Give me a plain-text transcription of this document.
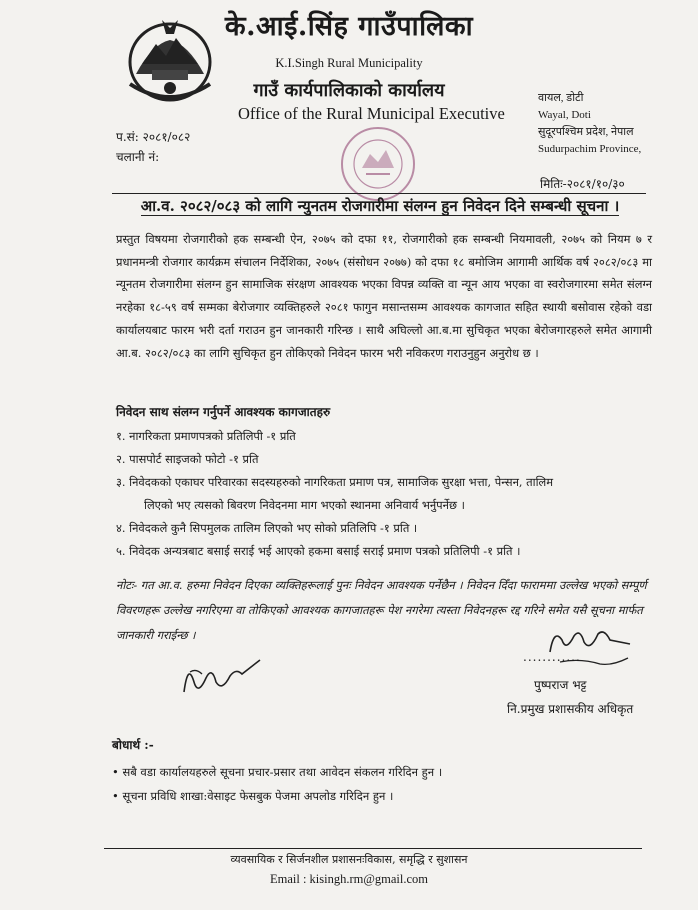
के.आई.सिंह गाउँपालिका
K.I.Singh Rural Municipality
गाउँ कार्यपालिकाको कार्यालय
Office of the Rural Municipal Executive
वायल, डोटी
Wayal, Doti
सुदूरपश्चिम प्रदेश, नेपाल
Sudurpachim Province,
प.सं: २०८१/०८२
चलानी नं:
मितिः-२०८१/१०/३०
आ.व. २०८२/०८३ को लागि न्युनतम रोजगारीमा संलग्न हुन निवेदन दिने सम्बन्धी सूचना ।
प्रस्तुत विषयमा रोजगारीको हक सम्बन्धी ऐन, २०७५ को दफा ११, रोजगारीको हक सम्बन्धी नियमावली, २०७५ को नियम ७ र प्रधानमन्त्री रोजगार कार्यक्रम संचालन निर्देशिका, २०७५ (संसोधन २०७७) को दफा १८ बमोजिम आगामी आर्थिक वर्ष २०८२/०८३ मा न्यूनतम रोजगारीमा संलग्न हुन सामाजिक संरक्षण आवश्यक भएका विपन्न व्यक्ति वा न्यून आय भएका वा स्वरोजगारमा समेत संलग्न नरहेका १८-५९ वर्ष सम्मका बेरोजगार व्यक्तिहरुले २०८१ फागुन मसान्तसम्म आवश्यक कागजात सहित स्थायी बसोवास रहेको वडा कार्यालयबाट फारम भरी दर्ता गराउन हुन जानकारी गरिन्छ । साथै अघिल्लो आ.ब.मा सुचिकृत भएका बेरोजगारहरुले समेत आगामी आ.ब. २०८२/०८३ का लागि सुचिकृत हुन तोकिएको निवेदन फारम भरी नविकरण गराउनुहुन अनुरोध छ ।
निवेदन साथ संलग्न गर्नुपर्ने आवश्यक कागजातहरु
१. नागरिकता प्रमाणपत्रको प्रतिलिपी -१ प्रति
२. पासपोर्ट साइजको फोटो -१ प्रति
३. निवेदकको एकाघर परिवारका सदस्यहरुको नागरिकता प्रमाण पत्र, सामाजिक सुरक्षा भत्ता, पेन्सन, तालिम
लिएको भए त्यसको बिवरण निवेदनमा माग भएको स्थानमा अनिवार्य भर्नुपर्नेछ ।
४. निवेदकले कुनै सिपमुलक तालिम लिएको भए सोको प्रतिलिपि -१ प्रति ।
५. निवेदक अन्यत्रबाट बसाई सराई भई आएको हकमा बसाई सराई प्रमाण पत्रको प्रतिलिपी -१ प्रति ।
नोटः- गत आ.व. हरुमा निवेदन दिएका व्यक्तिहरूलाई पुनः निवेदन आवश्यक पर्नेछैन । निवेदन दिँदा फाराममा उल्लेख भएको सम्पूर्ण विवरणहरू उल्लेख नगरिएमा वा तोकिएको आवश्यक कागजातहरू पेश नगरेमा त्यस्ता निवेदनहरू रद्द गरिने समेत यसै सूचना मार्फत जानकारी गराईन्छ ।
............
पुष्पराज भट्ट
नि.प्रमुख प्रशासकीय अधिकृत
बोधार्थ :-
• सबै वडा कार्यालयहरुले सूचना प्रचार-प्रसार तथा आवेदन संकलन गरिदिन हुन ।
• सूचना प्रविधि शाखा:वेसाइट फेसबुक पेजमा अपलोड गरिदिन हुन ।
व्यवसायिक र सिर्जनशील प्रशासनःविकास, समृद्धि र सुशासन
Email : kisingh.rm@gmail.com
